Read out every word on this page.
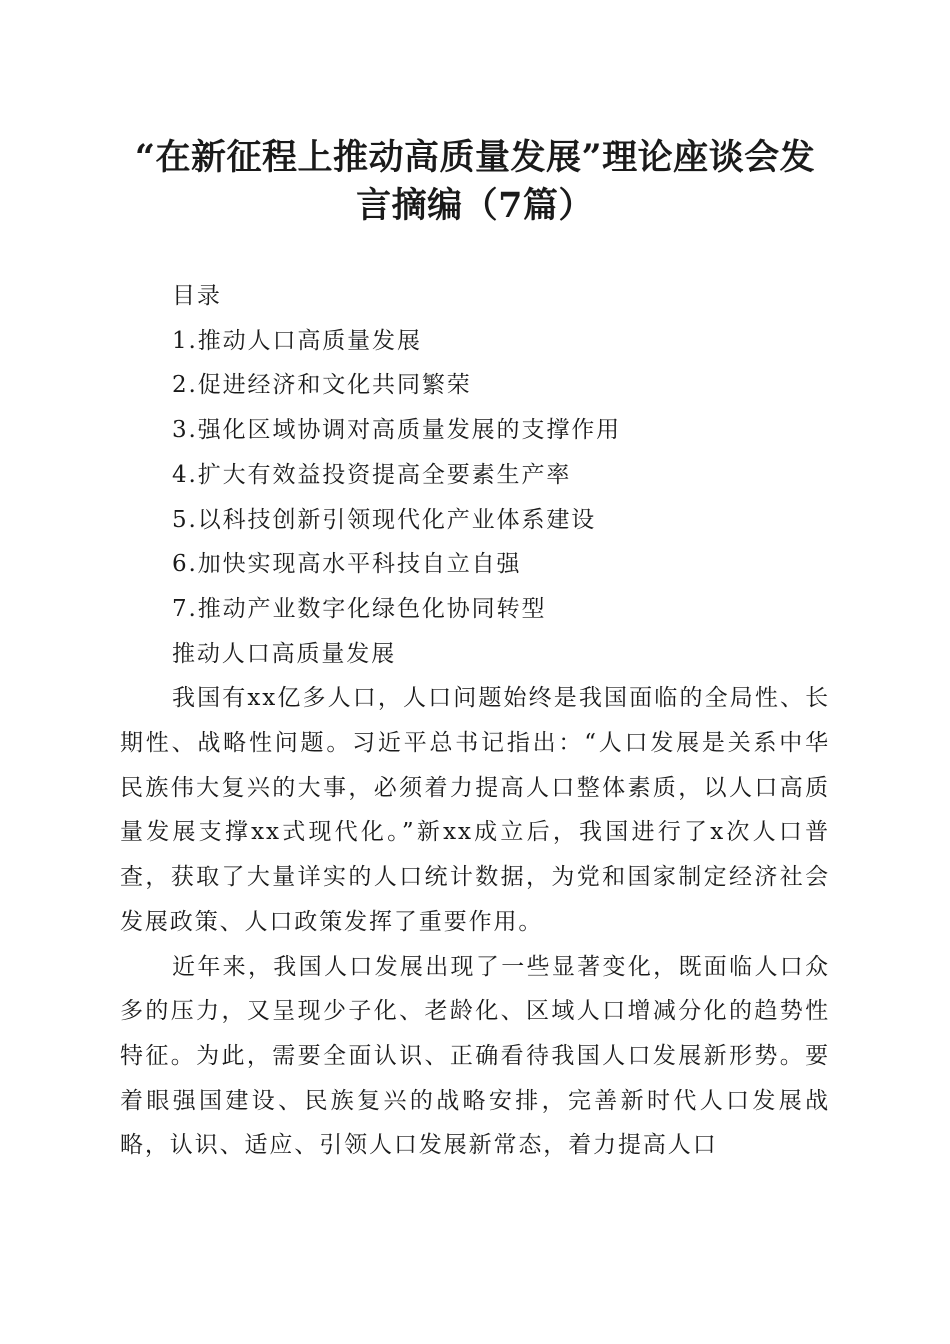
“在新征程上推动高质量发展”理论座谈会发
言摘编（7篇）

目录

1.推动人口高质量发展
2.促进经济和文化共同繁荣
3.强化区域协调对高质量发展的支撑作用
4.扩大有效益投资提高全要素生产率
5.以科技创新引领现代化产业体系建设
6.加快实现高水平科技自立自强
7.推动产业数字化绿色化协同转型

推动人口高质量发展

我国有xx亿多人口，人口问题始终是我国面临的全局性、长期性、战略性问题。习近平总书记指出：“人口发展是关系中华民族伟大复兴的大事，必须着力提高人口整体素质，以人口高质量发展支撑xx式现代化。”新xx成立后，我国进行了x次人口普查，获取了大量详实的人口统计数据，为党和国家制定经济社会发展政策、人口政策发挥了重要作用。

近年来，我国人口发展出现了一些显著变化，既面临人口众多的压力，又呈现少子化、老龄化、区域人口增减分化的趋势性特征。为此，需要全面认识、正确看待我国人口发展新形势。要着眼强国建设、民族复兴的战略安排，完善新时代人口发展战略，认识、适应、引领人口发展新常态，着力提高人口
